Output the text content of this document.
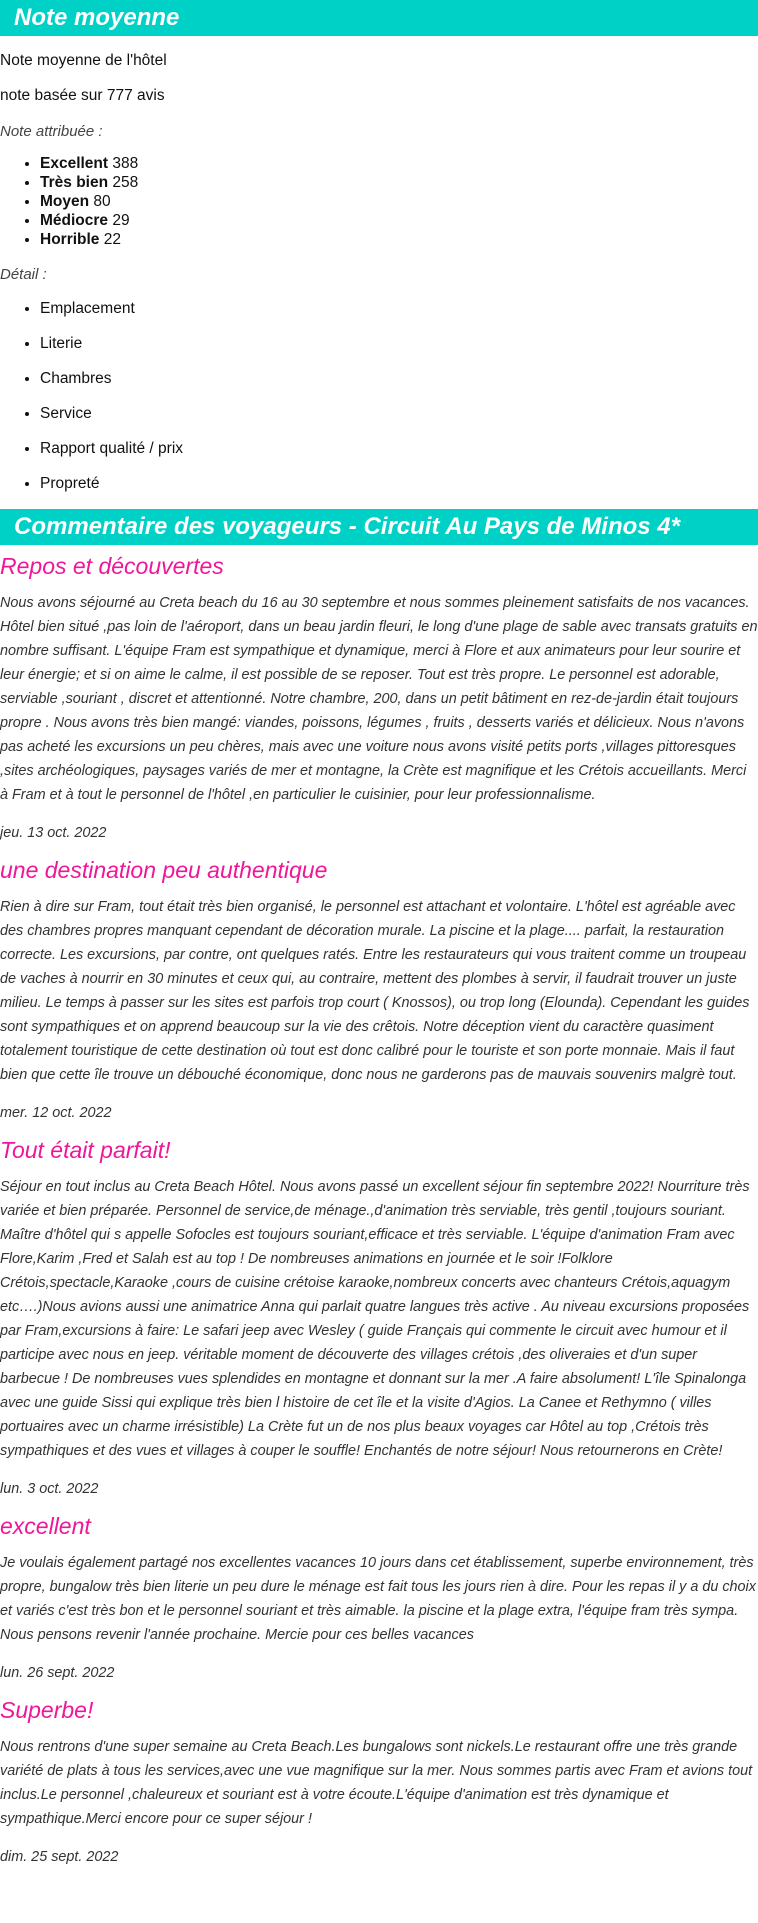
Note moyenne

Note moyenne de l'hôtel

note basée sur 777 avis

Note attribuée :

• Excellent 388
• Très bien 258
• Moyen 80
• Médiocre 29
• Horrible 22

Détail :

• Emplacement
• Literie
• Chambres
• Service
• Rapport qualité / prix
• Propreté
Commentaire des voyageurs - Circuit Au Pays de Minos 4*
Repos et découvertes

Nous avons séjourné au Creta beach du 16 au 30 septembre et nous sommes pleinement satisfaits de nos vacances. Hôtel bien situé ,pas loin de l'aéroport, dans un beau jardin fleuri, le long d'une plage de sable avec transats gratuits en nombre suffisant. L'équipe Fram est sympathique et dynamique, merci à Flore et aux animateurs pour leur sourire et leur énergie; et si on aime le calme, il est possible de se reposer. Tout est très propre. Le personnel est adorable, serviable ,souriant , discret et attentionné. Notre chambre, 200, dans un petit bâtiment en rez-de-jardin était toujours propre . Nous avons très bien mangé: viandes, poissons, légumes , fruits , desserts variés et délicieux. Nous n'avons pas acheté les excursions un peu chères, mais avec une voiture nous avons visité petits ports ,villages pittoresques ,sites archéologiques, paysages variés de mer et montagne, la Crète est magnifique et les Crétois accueillants. Merci à Fram et à tout le personnel de l'hôtel ,en particulier le cuisinier, pour leur professionnalisme.

jeu. 13 oct. 2022

une destination peu authentique

Rien à dire sur Fram, tout était très bien organisé, le personnel est attachant et volontaire. L'hôtel est agréable avec des chambres propres manquant cependant de décoration murale. La piscine et la plage.... parfait, la restauration correcte. Les excursions, par contre, ont quelques ratés. Entre les restaurateurs qui vous traitent comme un troupeau de vaches à nourrir en 30 minutes et ceux qui, au contraire, mettent des plombes à servir, il faudrait trouver un juste milieu. Le temps à passer sur les sites est parfois trop court ( Knossos), ou trop long (Elounda). Cependant les guides sont sympathiques et on apprend beaucoup sur la vie des crêtois. Notre déception vient du caractère quasiment totalement touristique de cette destination où tout est donc calibré pour le touriste et son porte monnaie. Mais il faut bien que cette île trouve un débouché économique, donc nous ne garderons pas de mauvais souvenirs malgrè tout.

mer. 12 oct. 2022

Tout était parfait!

Séjour en tout inclus au Creta Beach Hôtel. Nous avons passé un excellent séjour fin septembre 2022! Nourriture très variée et bien préparée. Personnel de service,de ménage.,d'animation très serviable, très gentil ,toujours souriant. Maître d'hôtel qui s appelle Sofocles est toujours souriant,efficace et très serviable. L'équipe d'animation Fram avec Flore,Karim ,Fred et Salah est au top ! De nombreuses animations en journée et le soir !Folklore Crétois,spectacle,Karaoke ,cours de cuisine crétoise karaoke,nombreux concerts avec chanteurs Crétois,aquagym etc….)Nous avions aussi une animatrice Anna qui parlait quatre langues très active . Au niveau excursions proposées par Fram,excursions à faire: Le safari jeep avec Wesley ( guide Français qui commente le circuit avec humour et il participe avec nous en jeep. véritable moment de découverte des villages crétois ,des oliveraies et d'un super barbecue ! De nombreuses vues splendides en montagne et donnant sur la mer .A faire absolument! L'île Spinalonga avec une guide Sissi qui explique très bien l histoire de cet île et la visite d'Agios. La Canee et Rethymno ( villes portuaires avec un charme irrésistible) La Crète fut un de nos plus beaux voyages car Hôtel au top ,Crétois très sympathiques et des vues et villages à couper le souffle! Enchantés de notre séjour! Nous retournerons en Crète!

lun. 3 oct. 2022

excellent

Je voulais également partagé nos excellentes vacances 10 jours dans cet établissement, superbe environnement, très propre, bungalow très bien literie un peu dure le ménage est fait tous les jours rien à dire. Pour les repas il y a du choix et variés c'est très bon et le personnel souriant et très aimable. la piscine et la plage extra, l'équipe fram très sympa. Nous pensons revenir l'année prochaine. Mercie pour ces belles vacances

lun. 26 sept. 2022

Superbe!

Nous rentrons d'une super semaine au Creta Beach.Les bungalows sont nickels.Le restaurant offre une très grande variété de plats à tous les services,avec une vue magnifique sur la mer. Nous sommes partis avec Fram et avions tout inclus.Le personnel ,chaleureux et souriant est à votre écoute.L'équipe d'animation est très dynamique et sympathique.Merci encore pour ce super séjour !

dim. 25 sept. 2022
